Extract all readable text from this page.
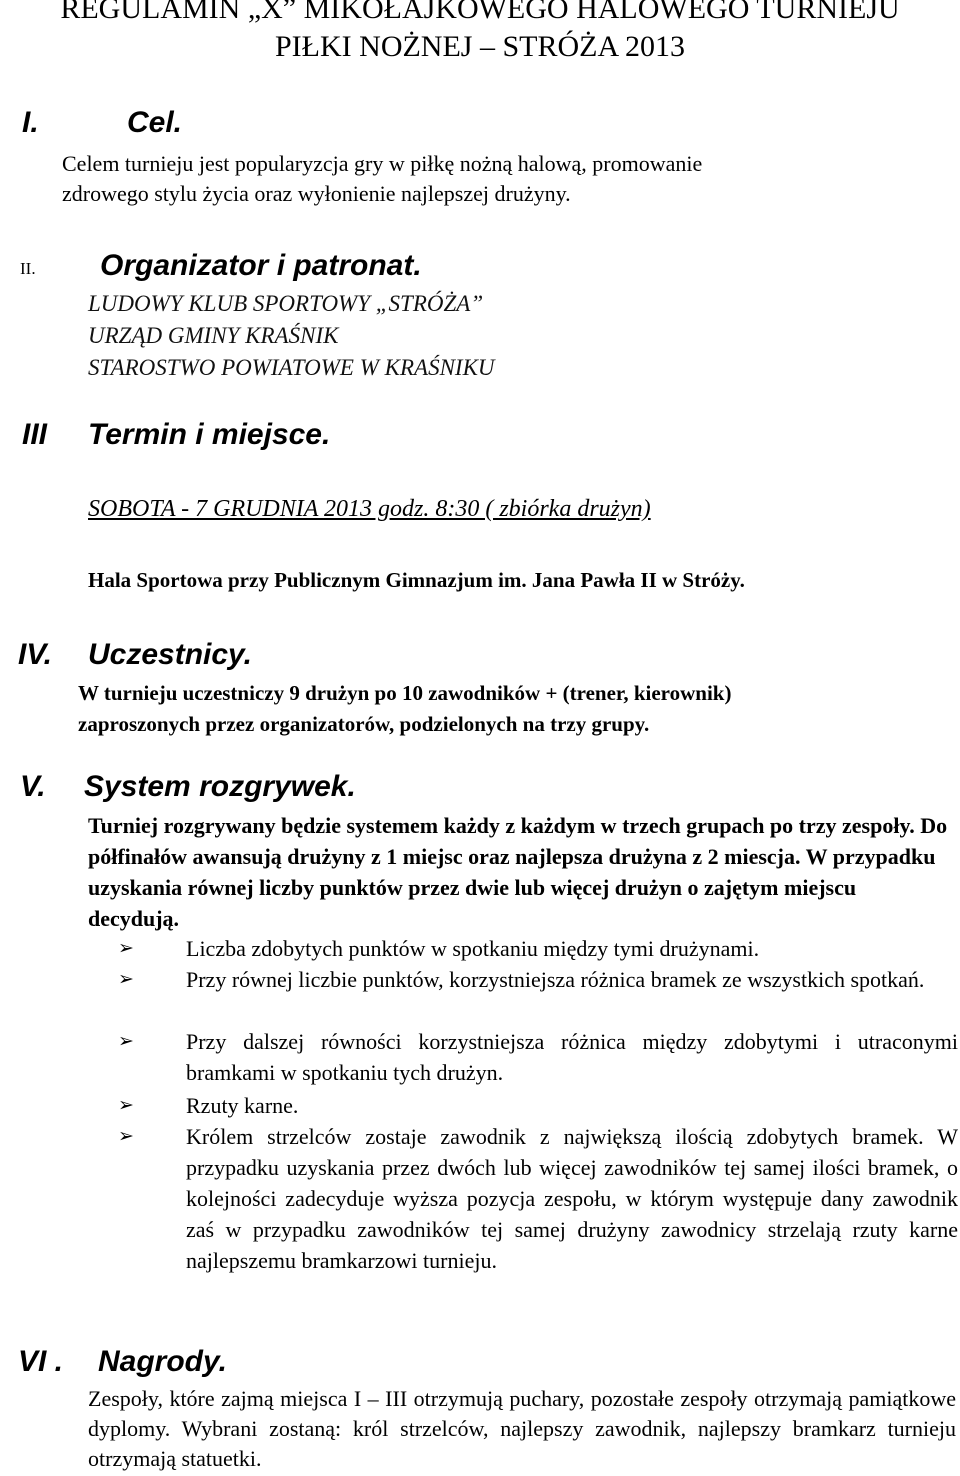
REGULAMIN „X” MIKOŁAJKOWEGO HALOWEGO TURNIEJU
PIŁKI NOŻNEJ – STRÓŻA 2013
I.	Cel.
Celem turnieju jest popularyzcja gry w piłkę nożną halową, promowanie
zdrowego stylu życia oraz wyłonienie najlepszej drużyny.
II. Organizator i patronat.
LUDOWY KLUB SPORTOWY „STRÓŻA”
URZĄD GMINY KRAŚNIK
STAROSTWO POWIATOWE W KRAŚNIKU
III Termin i miejsce.
SOBOTA - 7 GRUDNIA 2013 godz. 8:30 ( zbiórka drużyn)
Hala Sportowa przy Publicznym Gimnazjum im. Jana Pawła II w Stróży.
IV. Uczestnicy.
W turnieju uczestniczy 9 drużyn po 10 zawodników + (trener, kierownik)
zaproszonych przez organizatorów, podzielonych na trzy grupy.
V. System rozgrywek.
Turniej rozgrywany będzie systemem każdy z każdym w trzech grupach po trzy zespoły. Do półfinałów awansują drużyny z 1 miejsc oraz najlepsza drużyna z 2 miescja. W przypadku uzyskania równej liczby punktów przez dwie lub więcej drużyn o zajętym miejscu decydują.
➢ Liczba zdobytych punktów w spotkaniu między tymi drużynami.
➢ Przy równej liczbie punktów, korzystniejsza różnica bramek ze wszystkich spotkań.
➢ Przy dalszej równości korzystniejsza różnica między zdobytymi i utraconymi bramkami w spotkaniu tych drużyn.
➢ Rzuty karne.
➢ Królem strzelców zostaje zawodnik z największą ilością zdobytych bramek. W przypadku uzyskania przez dwóch lub więcej zawodników tej samej ilości bramek, o kolejności zadecyduje wyższa pozycja zespołu, w którym występuje dany zawodnik zaś w przypadku zawodników tej samej drużyny zawodnicy strzelają rzuty karne najlepszemu bramkarzowi turnieju.
VI . Nagrody.
Zespoły, które zajmą miejsca I – III otrzymują puchary, pozostałe zespoły otrzymają pamiątkowe dyplomy. Wybrani zostaną: król strzelców, najlepszy zawodnik, najlepszy bramkarz turnieju otrzymają statuetki.
